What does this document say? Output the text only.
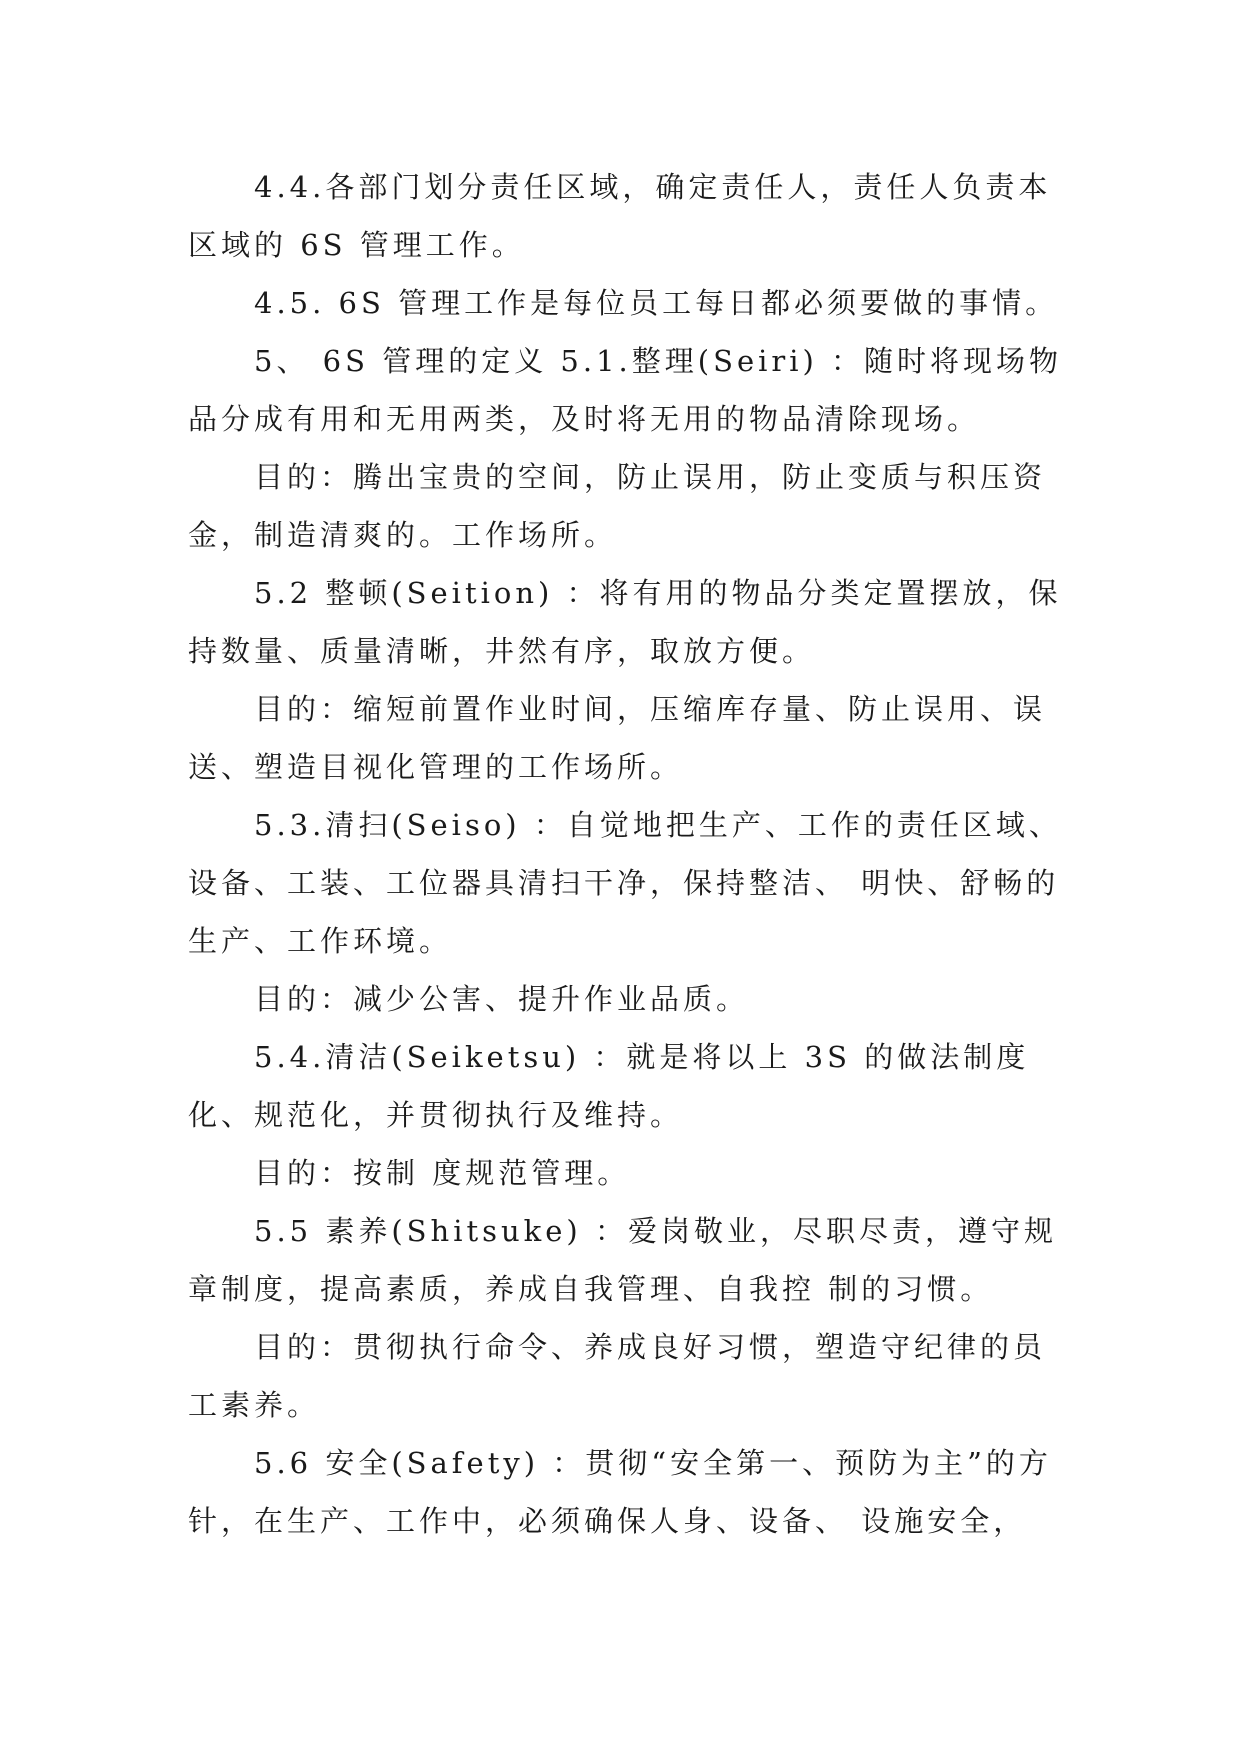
4.4.各部门划分责任区域，确定责任人，责任人负责本区域的 6S 管理工作。

4.5. 6S 管理工作是每位员工每日都必须要做的事情。

5、 6S 管理的定义 5.1.整理(Seiri) ：随时将现场物品分成有用和无用两类，及时将无用的物品清除现场。

目的：腾出宝贵的空间，防止误用，防止变质与积压资金，制造清爽的。工作场所。

5.2 整顿(Seition) ：将有用的物品分类定置摆放，保持数量、质量清晰，井然有序，取放方便。

目的：缩短前置作业时间，压缩库存量、防止误用、误送、塑造目视化管理的工作场所。

5.3.清扫(Seiso) ：自觉地把生产、工作的责任区域、设备、工装、工位器具清扫干净，保持整洁、 明快、舒畅的生产、工作环境。

目的：减少公害、提升作业品质。

5.4.清洁(Seiketsu) ：就是将以上 3S 的做法制度化、规范化，并贯彻执行及维持。

目的：按制 度规范管理。

5.5 素养(Shitsuke) ：爱岗敬业，尽职尽责，遵守规章制度，提高素质，养成自我管理、自我控 制的习惯。

目的：贯彻执行命令、养成良好习惯，塑造守纪律的员工素养。

5.6 安全(Safety) ：贯彻“安全第一、预防为主”的方针，在生产、工作中，必须确保人身、设备、 设施安全，
